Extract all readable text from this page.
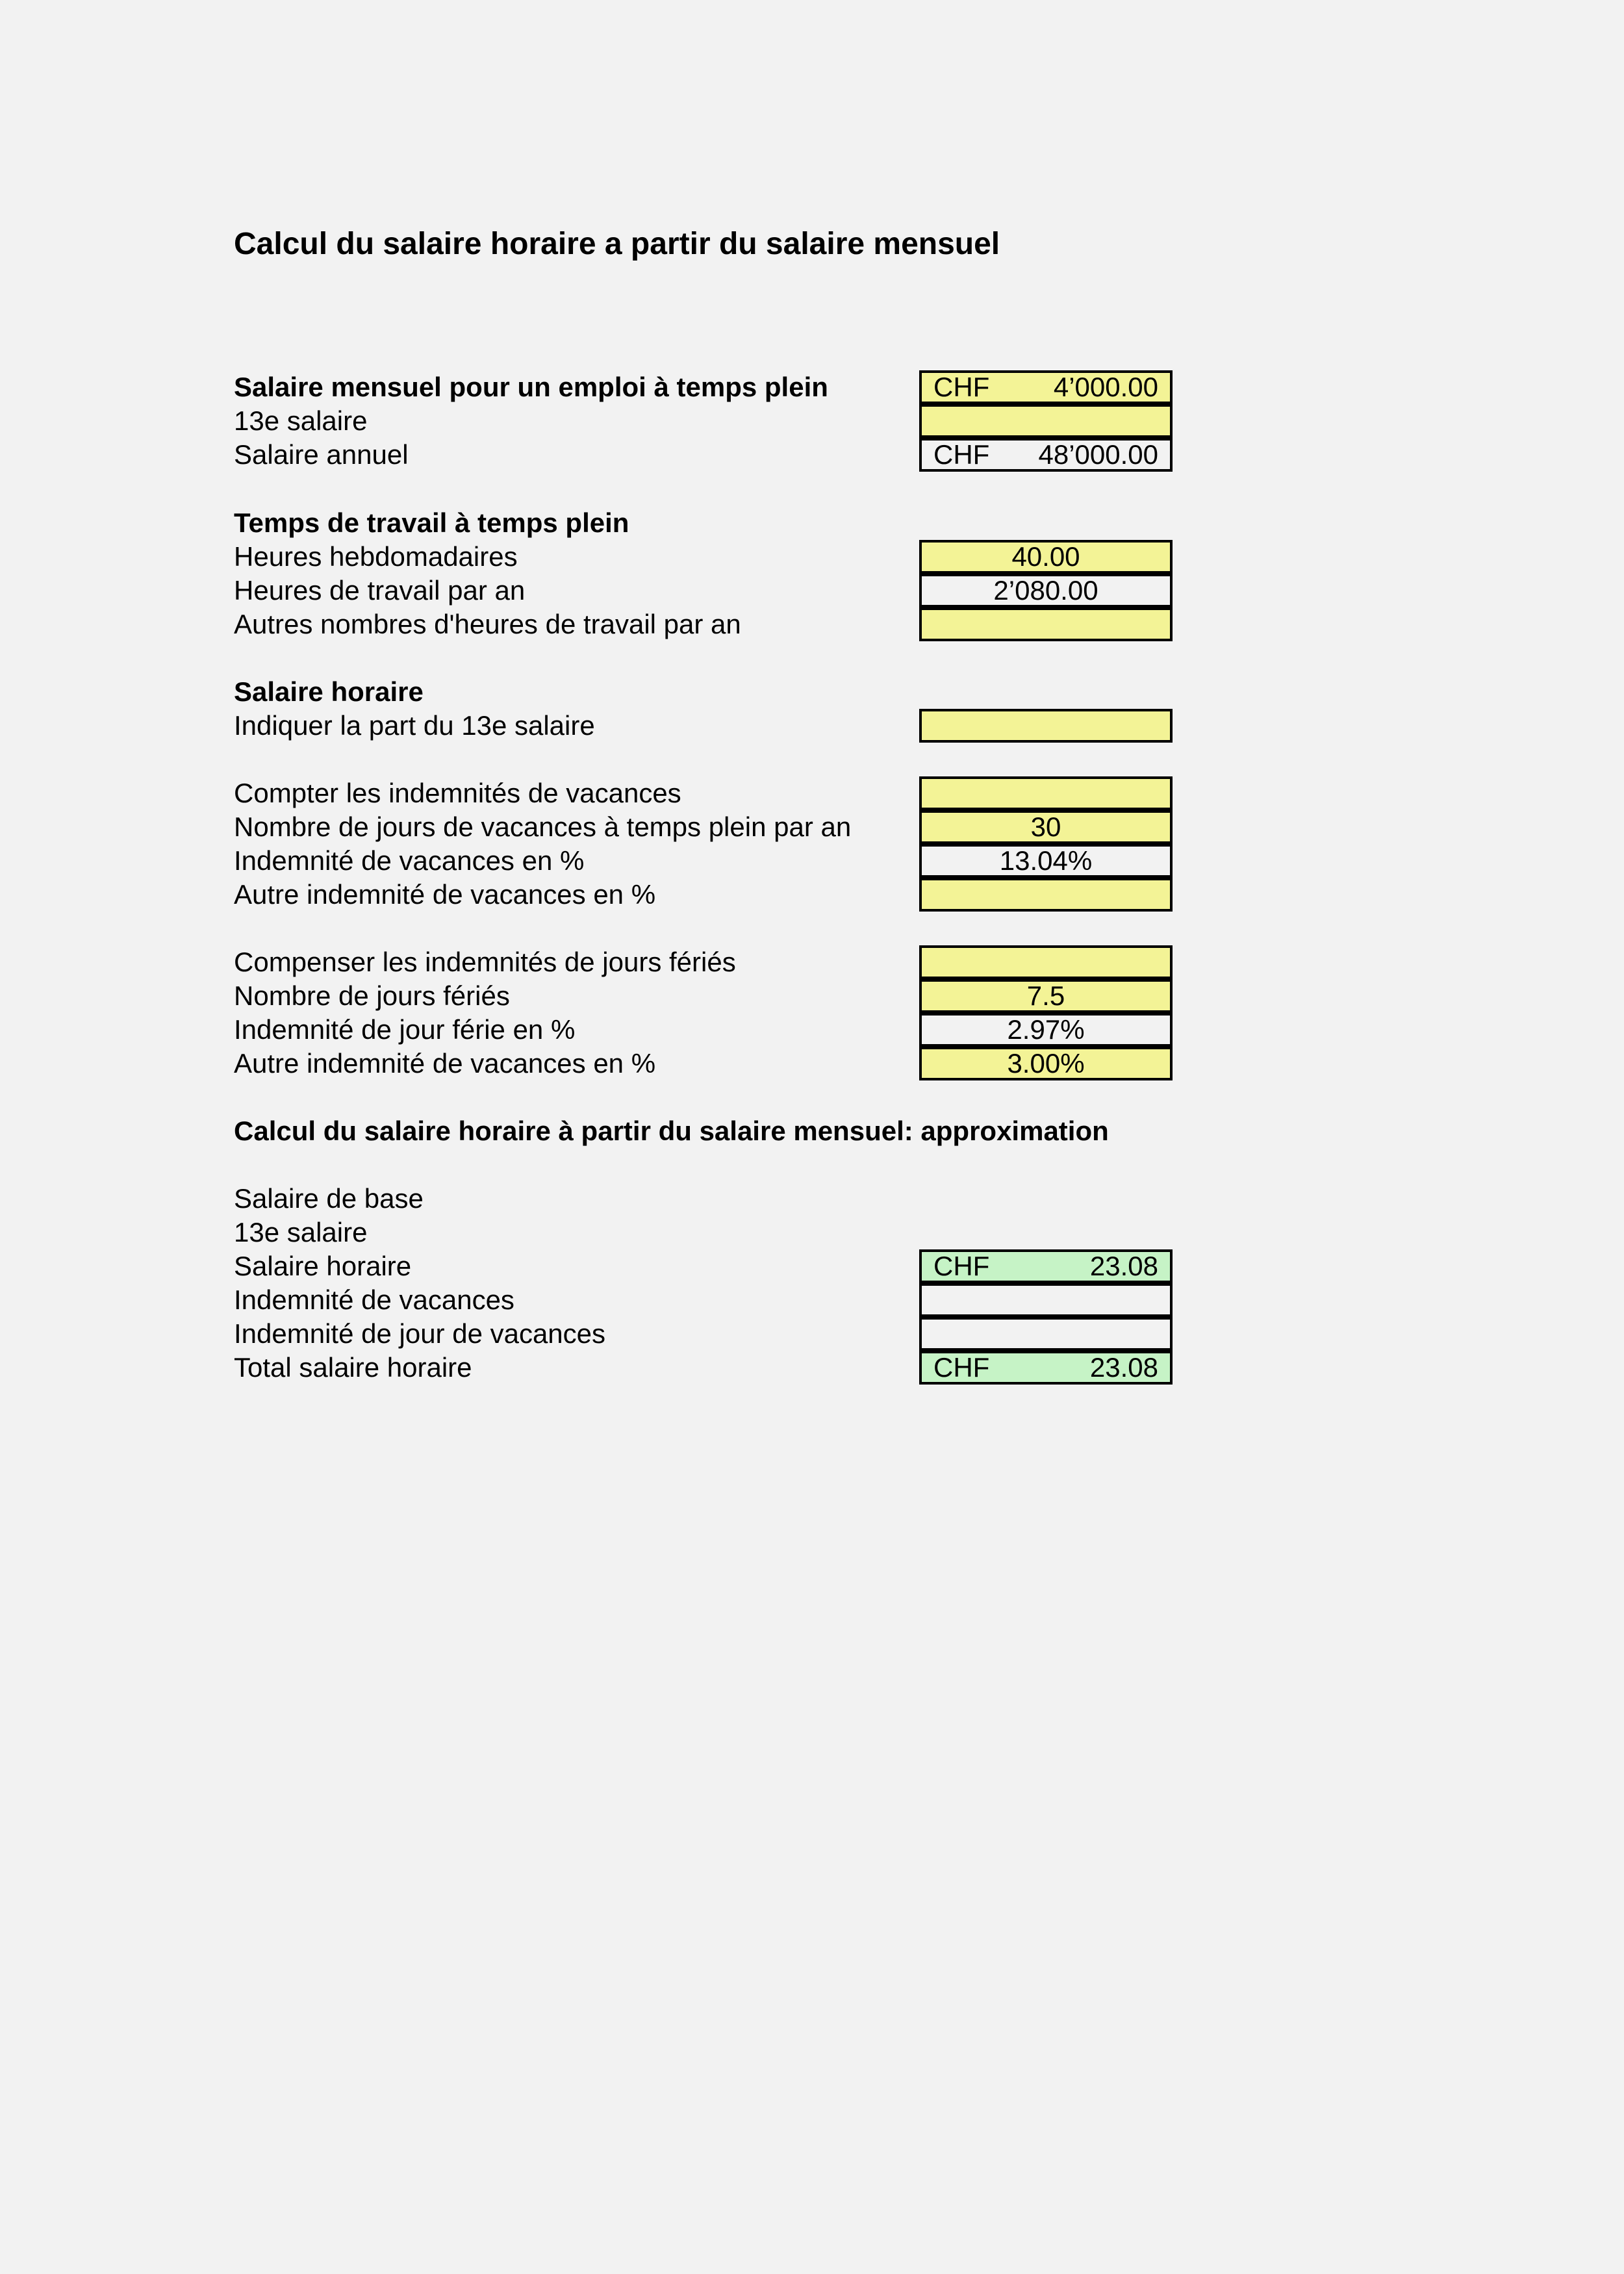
Calcul du salaire horaire a partir du salaire mensuel
Salaire mensuel pour un emploi à temps plein	CHF 4’000.00
13e salaire
Salaire annuel	CHF 48’000.00
Temps de travail à temps plein
Heures hebdomadaires	40.00
Heures de travail par an	2’080.00
Autres nombres d'heures de travail par an
Salaire horaire
Indiquer la part du 13e salaire
Compter les indemnités de vacances
Nombre de jours de vacances à temps plein par an	30
Indemnité de vacances en %	13.04%
Autre indemnité de vacances en %
Compenser les indemnités de jours fériés
Nombre de jours fériés	7.5
Indemnité de jour férie en %	2.97%
Autre indemnité de vacances en %	3.00%
Calcul du salaire horaire à partir du salaire mensuel: approximation
Salaire de base
13e salaire
Salaire horaire	CHF	23.08
Indemnité de vacances
Indemnité de jour de vacances
Total salaire horaire	CHF	23.08
